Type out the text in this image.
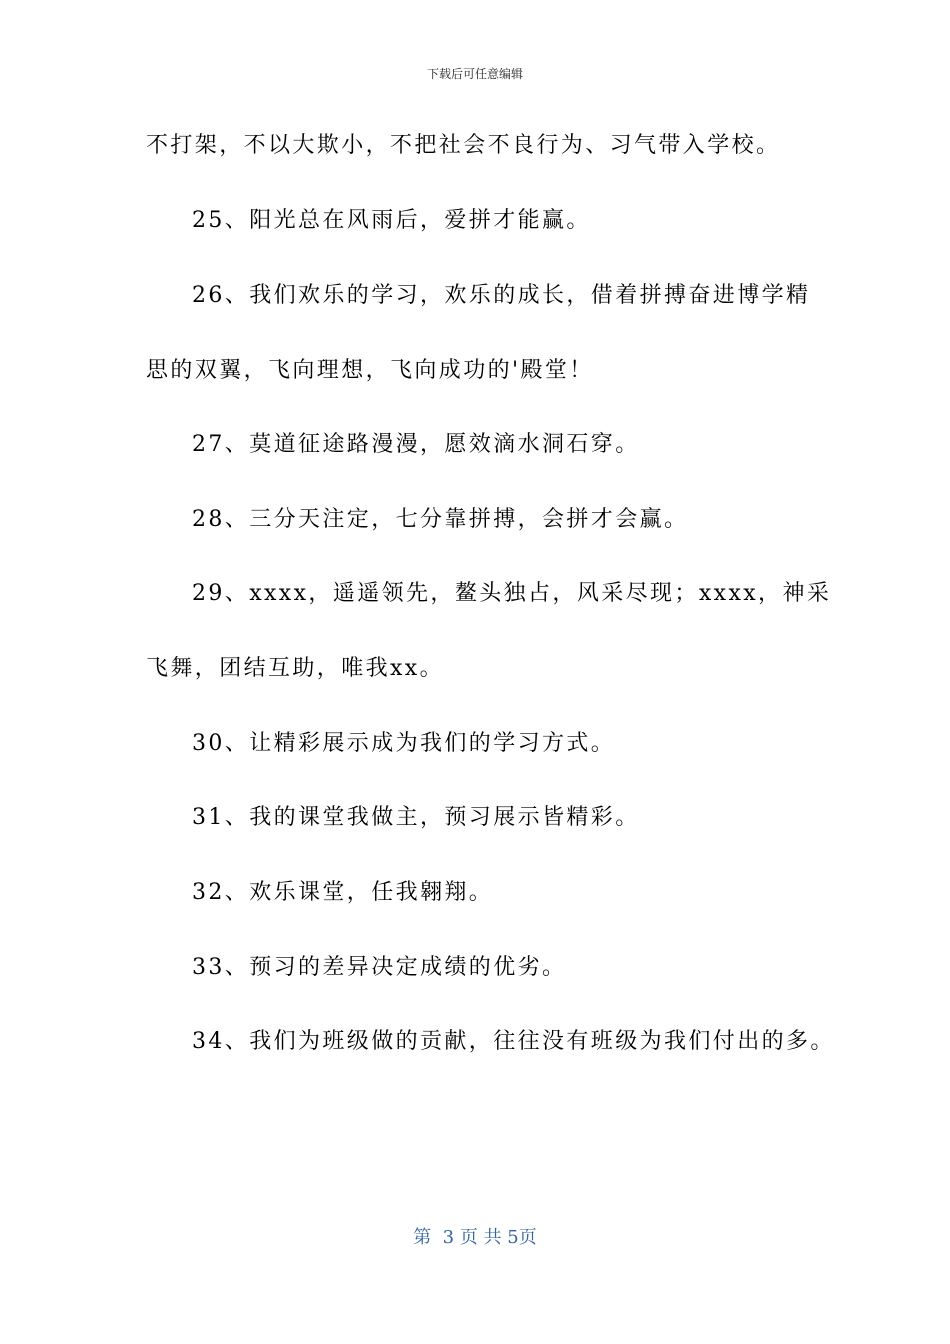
下载后可任意编辑
不打架，不以大欺小，不把社会不良行为、习气带入学校。
25、阳光总在风雨后，爱拼才能赢。
26、我们欢乐的学习，欢乐的成长，借着拼搏奋进博学精
思的双翼，飞向理想，飞向成功的'殿堂！
27、莫道征途路漫漫，愿效滴水洞石穿。
28、三分天注定，七分靠拼搏，会拼才会赢。
29、xxxx，遥遥领先，鳌头独占，风采尽现；xxxx，神采
飞舞，团结互助，唯我xx。
30、让精彩展示成为我们的学习方式。
31、我的课堂我做主，预习展示皆精彩。
32、欢乐课堂，任我翱翔。
33、预习的差异决定成绩的优劣。
34、我们为班级做的贡献，往往没有班级为我们付出的多。
第  3 页 共 5页
